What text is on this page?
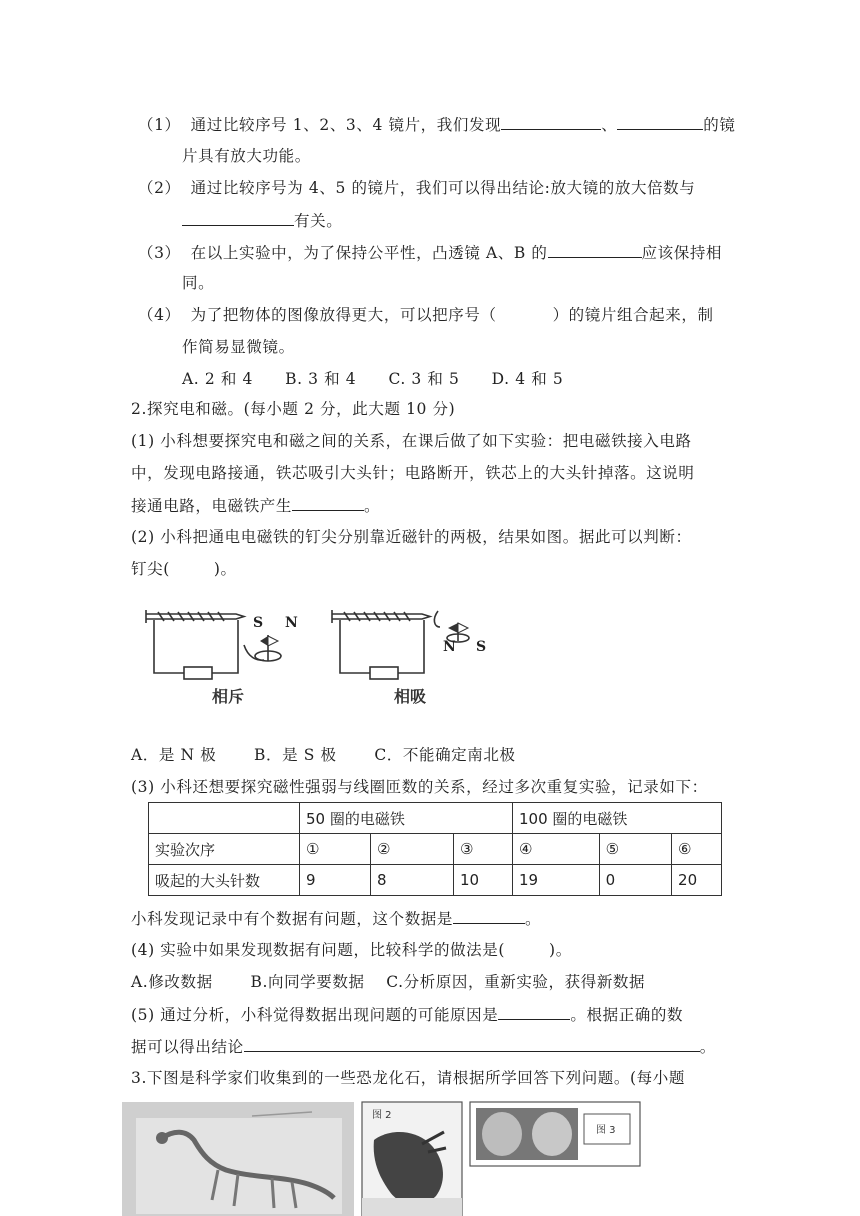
（1） 通过比较序号 1、2、3、4 镜片，我们发现	、	的镜
片具有放大功能。
（2） 通过比较序号为 4、5 的镜片，我们可以得出结论:放大镜的放大倍数与
有关。
（3） 在以上实验中，为了保持公平性，凸透镜 A、B 的	应该保持相
同。
（4） 为了把物体的图像放得更大，可以把序号（	）的镜片组合起来，制
作简易显微镜。
A. 2 和 4　　B. 3 和 4　　C. 3 和 5　　D. 4 和 5
2.探究电和磁。(每小题 2 分，此大题 10 分)
(1) 小科想要探究电和磁之间的关系，在课后做了如下实验：把电磁铁接入电路
中，发现电路接通，铁芯吸引大头针；电路断开，铁芯上的大头针掉落。这说明
接通电路，电磁铁产生	。
(2) 小科把通电电磁铁的钉尖分别靠近磁针的两极，结果如图。据此可以判断：
钉尖(	)。
S N
N S
相斥	相吸
A．是 N 极　　 B．是 S 极　　 C．不能确定南北极
(3) 小科还想要探究磁性强弱与线圈匝数的关系，经过多次重复实验，记录如下：
	50 圈的电磁铁			100 圈的电磁铁		
实验次序	①	②	③	④	⑤	⑥
吸起的大头针数	9	8	10	19	0	20
小科发现记录中有个数据有问题，这个数据是	。
(4) 实验中如果发现数据有问题，比较科学的做法是(	)。
A.修改数据　　 B.向同学要数据　 C.分析原因，重新实验，获得新数据
(5) 通过分析，小科觉得数据出现问题的可能原因是	。根据正确的数
据可以得出结论	。
3.下图是科学家们收集到的一些恐龙化石，请根据所学回答下列问题。(每小题
图 2
图 3
